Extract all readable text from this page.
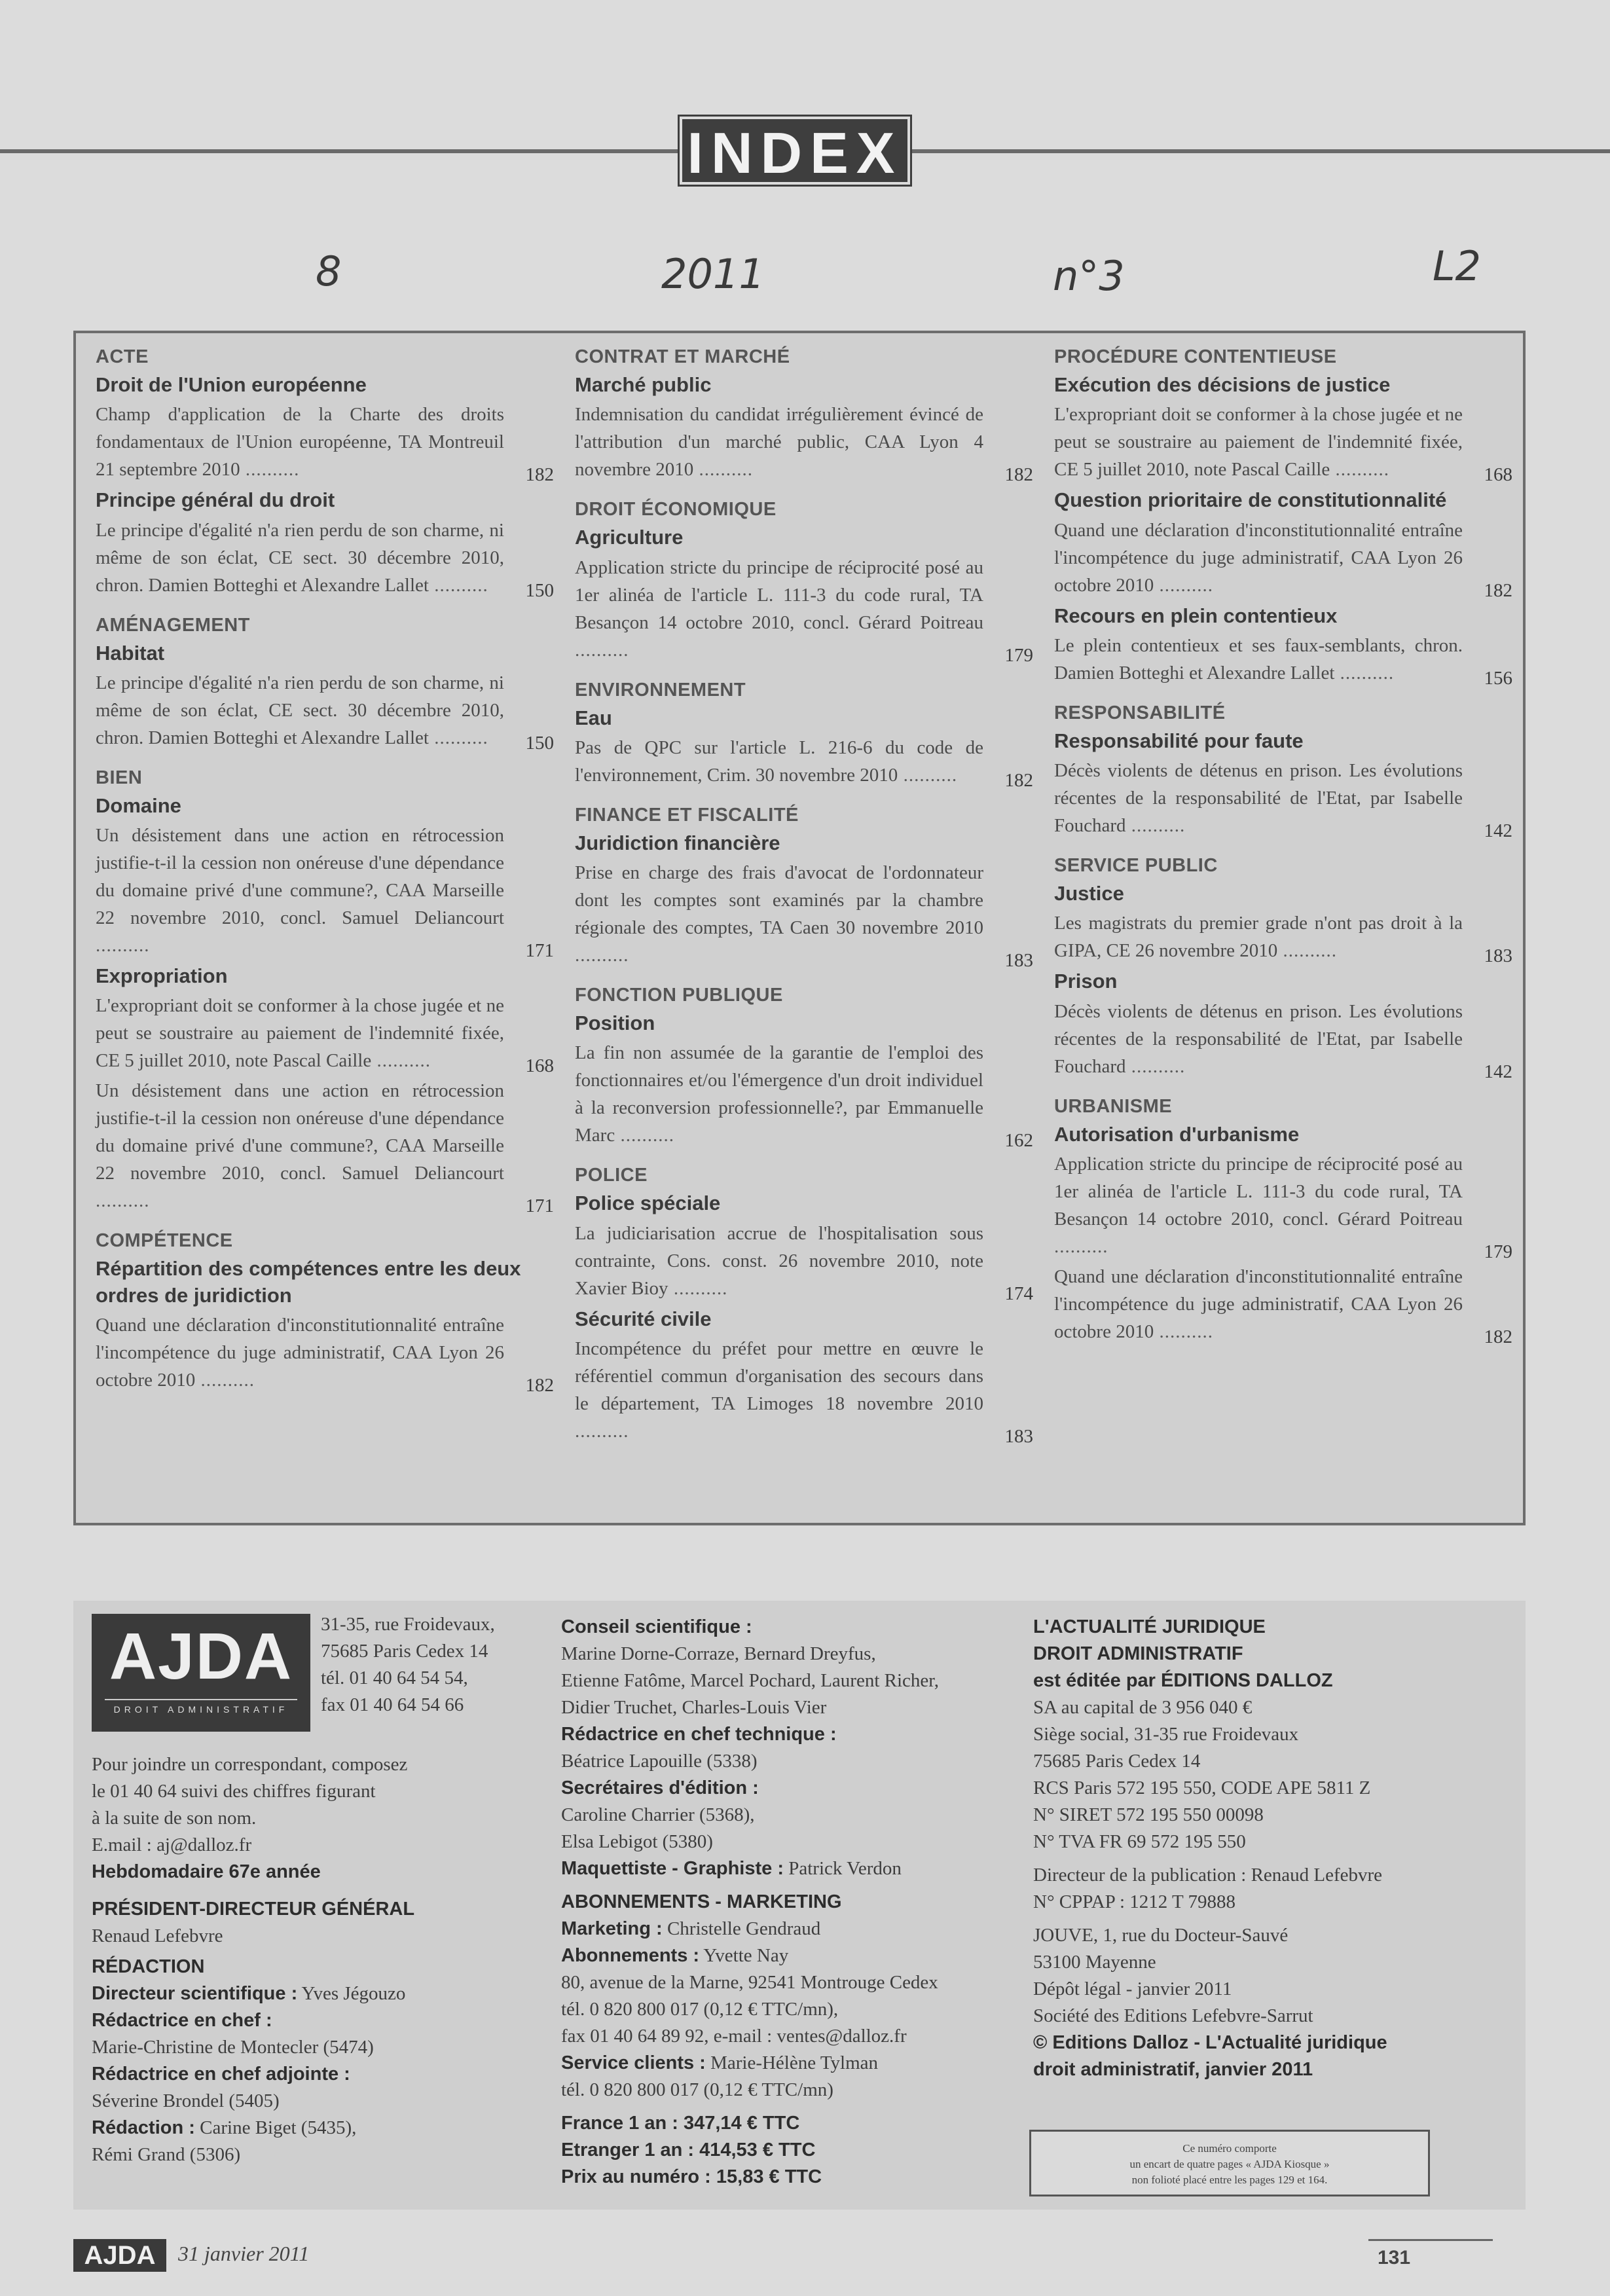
INDEX
8	2011	n°3	L2
ACTE
Droit de l'Union européenne
Champ d'application de la Charte des droits fondamentaux de l'Union européenne, TA Montreuil 21 septembre 2010 ..........	182
Principe général du droit
Le principe d'égalité n'a rien perdu de son charme, ni même de son éclat, CE sect. 30 décembre 2010, chron. Damien Botteghi et Alexandre Lallet .......... 150
AMÉNAGEMENT
Habitat
Le principe d'égalité n'a rien perdu de son charme, ni même de son éclat, CE sect. 30 décembre 2010, chron. Damien Botteghi et Alexandre Lallet .......... 150
BIEN
Domaine
Un désistement dans une action en rétrocession justifie-t-il la cession non onéreuse d'une dépendance du domaine privé d'une commune?, CAA Marseille 22 novembre 2010, concl. Samuel Deliancourt ..........	171
Expropriation
L'expropriant doit se conformer à la chose jugée et ne peut se soustraire au paiement de l'indemnité fixée, CE 5 juillet 2010, note Pascal Caille ..........	168
Un désistement dans une action en rétrocession justifie-t-il la cession non onéreuse d'une dépendance du domaine privé d'une commune?, CAA Marseille 22 novembre 2010, concl. Samuel Deliancourt ..........	171
COMPÉTENCE
Répartition des compétences entre les deux ordres de juridiction
Quand une déclaration d'inconstitutionnalité entraîne l'incompétence du juge administratif, CAA Lyon 26 octobre 2010 ..........	182
CONTRAT ET MARCHÉ
Marché public
Indemnisation du candidat irrégulièrement évincé de l'attribution d'un marché public, CAA Lyon 4 novembre 2010 ..........	182
DROIT ÉCONOMIQUE
Agriculture
Application stricte du principe de réciprocité posé au 1er alinéa de l'article L. 111-3 du code rural, TA Besançon 14 octobre 2010, concl. Gérard Poitreau ..........	179
ENVIRONNEMENT
Eau
Pas de QPC sur l'article L. 216-6 du code de l'environnement, Crim. 30 novembre 2010 .......... 182
FINANCE ET FISCALITÉ
Juridiction financière
Prise en charge des frais d'avocat de l'ordonnateur dont les comptes sont examinés par la chambre régionale des comptes, TA Caen 30 novembre 2010 ..........	183
FONCTION PUBLIQUE
Position
La fin non assumée de la garantie de l'emploi des fonctionnaires et/ou l'émergence d'un droit individuel à la reconversion professionnelle?, par Emmanuelle Marc ..........	162
POLICE
Police spéciale
La judiciarisation accrue de l'hospitalisation sous contrainte, Cons. const. 26 novembre 2010, note Xavier Bioy ..........	174
Sécurité civile
Incompétence du préfet pour mettre en œuvre le référentiel commun d'organisation des secours dans le département, TA Limoges 18 novembre 2010 ..........	183
PROCÉDURE CONTENTIEUSE
Exécution des décisions de justice
L'expropriant doit se conformer à la chose jugée et ne peut se soustraire au paiement de l'indemnité fixée, CE 5 juillet 2010, note Pascal Caille ..........	168
Question prioritaire de constitutionnalité
Quand une déclaration d'inconstitutionnalité entraîne l'incompétence du juge administratif, CAA Lyon 26 octobre 2010 ..........	182
Recours en plein contentieux
Le plein contentieux et ses faux-semblants, chron. Damien Botteghi et Alexandre Lallet ..........	156
RESPONSABILITÉ
Responsabilité pour faute
Décès violents de détenus en prison. Les évolutions récentes de la responsabilité de l'Etat, par Isabelle Fouchard ..........	142
SERVICE PUBLIC
Justice
Les magistrats du premier grade n'ont pas droit à la GIPA, CE 26 novembre 2010 ..........	183
Prison
Décès violents de détenus en prison. Les évolutions récentes de la responsabilité de l'Etat, par Isabelle Fouchard ..........	142
URBANISME
Autorisation d'urbanisme
Application stricte du principe de réciprocité posé au 1er alinéa de l'article L. 111-3 du code rural, TA Besançon 14 octobre 2010, concl. Gérard Poitreau ..........	179
Quand une déclaration d'inconstitutionnalité entraîne l'incompétence du juge administratif, CAA Lyon 26 octobre 2010 ..........	182
AJDA
DROIT ADMINISTRATIF
31-35, rue Froidevaux,
75685 Paris Cedex 14
tél. 01 40 64 54 54,
fax 01 40 64 54 66
Pour joindre un correspondant, composez
le 01 40 64 suivi des chiffres figurant
à la suite de son nom.
E.mail : aj@dalloz.fr
Hebdomadaire 67e année
PRÉSIDENT-DIRECTEUR GÉNÉRAL
Renaud Lefebvre
RÉDACTION
Directeur scientifique : Yves Jégouzo
Rédactrice en chef :
Marie-Christine de Montecler (5474)
Rédactrice en chef adjointe :
Séverine Brondel (5405)
Rédaction : Carine Biget (5435),
Rémi Grand (5306)
Conseil scientifique :
Marine Dorne-Corraze, Bernard Dreyfus,
Etienne Fatôme, Marcel Pochard, Laurent Richer,
Didier Truchet, Charles-Louis Vier
Rédactrice en chef technique :
Béatrice Lapouille (5338)
Secrétaires d'édition :
Caroline Charrier (5368),
Elsa Lebigot (5380)
Maquettiste - Graphiste : Patrick Verdon
ABONNEMENTS - MARKETING
Marketing : Christelle Gendraud
Abonnements : Yvette Nay
80, avenue de la Marne, 92541 Montrouge Cedex
tél. 0 820 800 017 (0,12 € TTC/mn),
fax 01 40 64 89 92, e-mail : ventes@dalloz.fr
Service clients : Marie-Hélène Tylman
tél. 0 820 800 017 (0,12 € TTC/mn)
France 1 an : 347,14 € TTC
Etranger 1 an : 414,53 € TTC
Prix au numéro : 15,83 € TTC
L'ACTUALITÉ JURIDIQUE
DROIT ADMINISTRATIF
est éditée par ÉDITIONS DALLOZ
SA au capital de 3 956 040 €
Siège social, 31-35 rue Froidevaux
75685 Paris Cedex 14
RCS Paris 572 195 550, CODE APE 5811 Z
N° SIRET 572 195 550 00098
N° TVA FR 69 572 195 550
Directeur de la publication : Renaud Lefebvre
N° CPPAP : 1212 T 79888
JOUVE, 1, rue du Docteur-Sauvé
53100 Mayenne
Dépôt légal - janvier 2011
Société des Editions Lefebvre-Sarrut
© Editions Dalloz - L'Actualité juridique
droit administratif, janvier 2011
Ce numéro comporte
un encart de quatre pages « AJDA Kiosque »
non folioté placé entre les pages 129 et 164.
AJDA	31 janvier 2011	131
